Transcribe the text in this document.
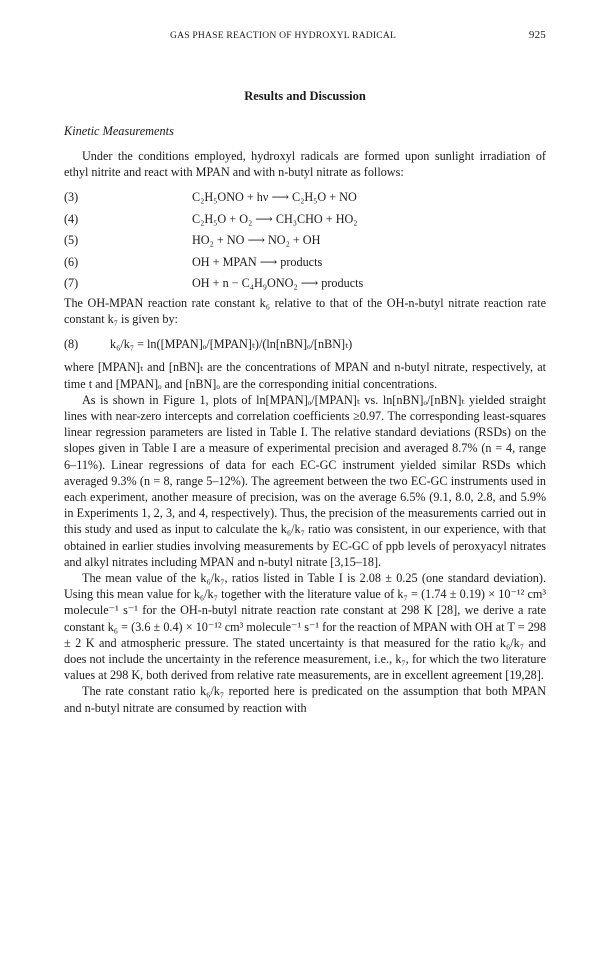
GAS PHASE REACTION OF HYDROXYL RADICAL	925
Results and Discussion
Kinetic Measurements

Under the conditions employed, hydroxyl radicals are formed upon sunlight irradiation of ethyl nitrite and react with MPAN and with n-butyl nitrate as follows:

(3)	C₂H₅ONO + hν ⟶ C₂H₅O + NO
(4)	C₂H₅O + O₂ ⟶ CH₃CHO + HO₂
(5)	HO₂ + NO ⟶ NO₂ + OH
(6)	OH + MPAN ⟶ products
(7)	OH + n − C₄H₉ONO₂ ⟶ products

The OH-MPAN reaction rate constant k₆ relative to that of the OH-n-butyl nitrate reaction rate constant k₇ is given by:

(8)	k₆/k₇ = ln([MPAN]ₒ/[MPAN]ₜ)/(ln[nBN]ₒ/[nBN]ₜ)

where [MPAN]ₜ and [nBN]ₜ are the concentrations of MPAN and n-butyl nitrate, respectively, at time t and [MPAN]ₒ and [nBN]ₒ are the corresponding initial concentrations.

As is shown in Figure 1, plots of ln[MPAN]ₒ/[MPAN]ₜ vs. ln[nBN]ₒ/[nBN]ₜ yielded straight lines with near-zero intercepts and correlation coefficients ≥0.97. The corresponding least-squares linear regression parameters are listed in Table I. The relative standard deviations (RSDs) on the slopes given in Table I are a measure of experimental precision and averaged 8.7% (n = 4, range 6–11%). Linear regressions of data for each EC-GC instrument yielded similar RSDs which averaged 9.3% (n = 8, range 5–12%). The agreement between the two EC-GC instruments used in each experiment, another measure of precision, was on the average 6.5% (9.1, 8.0, 2.8, and 5.9% in Experiments 1, 2, 3, and 4, respectively). Thus, the precision of the measurements carried out in this study and used as input to calculate the k₆/k₇ ratio was consistent, in our experience, with that obtained in earlier studies involving measurements by EC-GC of ppb levels of peroxyacyl nitrates and alkyl nitrates including MPAN and n-butyl nitrate [3,15–18].

The mean value of the k₆/k₇, ratios listed in Table I is 2.08 ± 0.25 (one standard deviation). Using this mean value for k₆/k₇ together with the literature value of k₇ = (1.74 ± 0.19) × 10⁻¹² cm³ molecule⁻¹ s⁻¹ for the OH-n-butyl nitrate reaction rate constant at 298 K [28], we derive a rate constant k₆ = (3.6 ± 0.4) × 10⁻¹² cm³ molecule⁻¹ s⁻¹ for the reaction of MPAN with OH at T = 298 ± 2 K and atmospheric pressure. The stated uncertainty is that measured for the ratio k₆/k₇ and does not include the uncertainty in the reference measurement, i.e., k₇, for which the two literature values at 298 K, both derived from relative rate measurements, are in excellent agreement [19,28].

The rate constant ratio k₆/k₇ reported here is predicated on the assumption that both MPAN and n-butyl nitrate are consumed by reaction with
